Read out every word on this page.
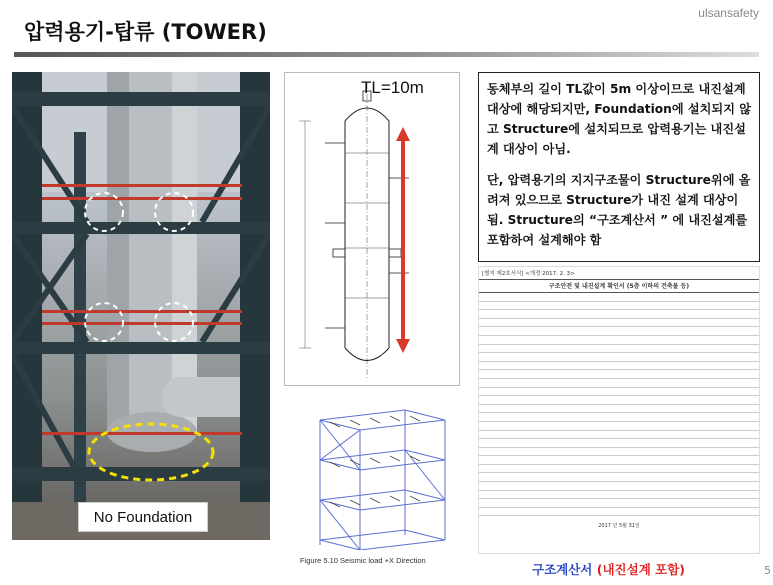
ulsansafety
압력용기-탑류 (TOWER)
No Foundation
TL=10m
Figure 5.10 Seismic load +X Direction

동체부의 길이 TL값이 5m 이상이므로 내진설계 대상에 해당되지만, Foundation에 설치되지 않고 Structure에 설치되므로 압력용기는 내진설계 대상이 아님.

단, 압력용기의 지지구조물이 Structure위에 올려져 있으므로 Structure가 내진 설계 대상이 됨. Structure의 “구조계산서 ” 에 내진설계를 포함하여 설계해야 함

[별지 제2호서식] <개정 2017. 2. 3>
구조안전 및 내진설계 확인서 (5층 이하의 건축물 등)
2017 년 5월 31일
구조계산서 (내진설계 포함)	5
